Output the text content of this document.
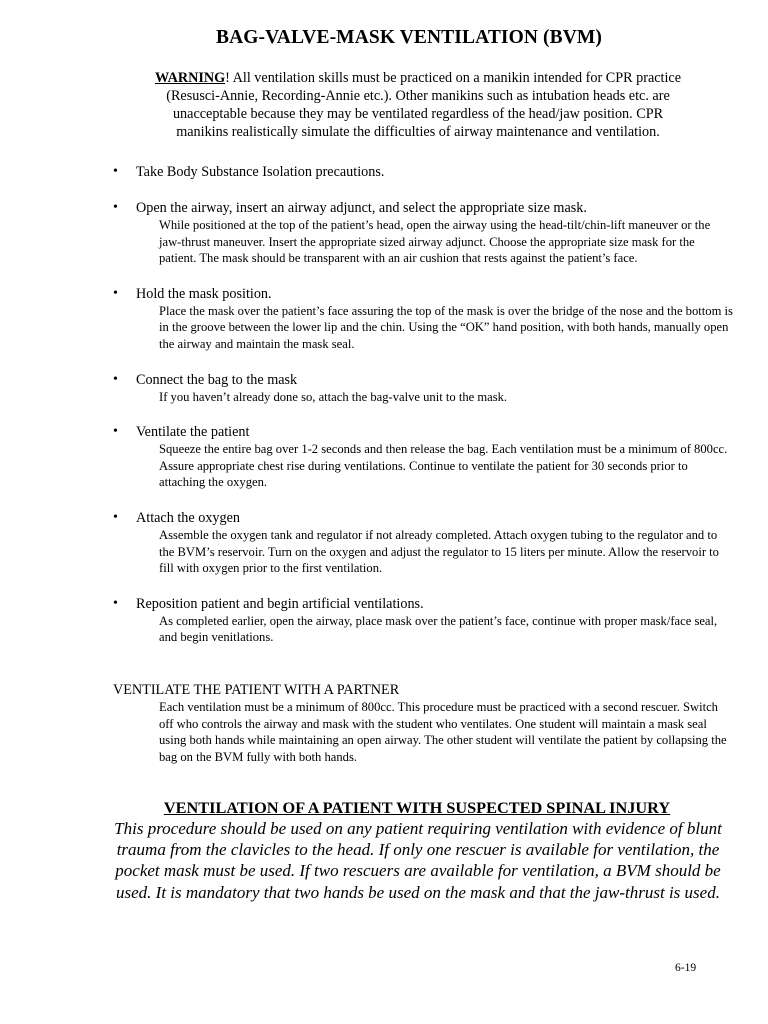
BAG-VALVE-MASK VENTILATION (BVM)
WARNING! All ventilation skills must be practiced on a manikin intended for CPR practice (Resusci-Annie, Recording-Annie etc.). Other manikins such as intubation heads etc. are unacceptable because they may be ventilated regardless of the head/jaw position. CPR manikins realistically simulate the difficulties of airway maintenance and ventilation.
• Take Body Substance Isolation precautions.
• Open the airway, insert an airway adjunct, and select the appropriate size mask.
While positioned at the top of the patient’s head, open the airway using the head-tilt/chin-lift maneuver or the jaw-thrust maneuver. Insert the appropriate sized airway adjunct. Choose the appropriate size mask for the patient. The mask should be transparent with an air cushion that rests against the patient’s face.
• Hold the mask position.
Place the mask over the patient’s face assuring the top of the mask is over the bridge of the nose and the bottom is in the groove between the lower lip and the chin. Using the “OK” hand position, with both hands, manually open the airway and maintain the mask seal.
• Connect the bag to the mask
If you haven’t already done so, attach the bag-valve unit to the mask.
• Ventilate the patient
Squeeze the entire bag over 1-2 seconds and then release the bag. Each ventilation must be a minimum of 800cc. Assure appropriate chest rise during ventilations. Continue to ventilate the patient for 30 seconds prior to attaching the oxygen.
• Attach the oxygen
Assemble the oxygen tank and regulator if not already completed. Attach oxygen tubing to the regulator and to the BVM’s reservoir. Turn on the oxygen and adjust the regulator to 15 liters per minute. Allow the reservoir to fill with oxygen prior to the first ventilation.
• Reposition patient and begin artificial ventilations.
As completed earlier, open the airway, place mask over the patient’s face, continue with proper mask/face seal, and begin venitlations.
VENTILATE THE PATIENT WITH A PARTNER
Each ventilation must be a minimum of 800cc. This procedure must be practiced with a second rescuer. Switch off who controls the airway and mask with the student who ventilates. One student will maintain a mask seal using both hands while maintaining an open airway. The other student will ventilate the patient by collapsing the bag on the BVM fully with both hands.
VENTILATION OF A PATIENT WITH SUSPECTED SPINAL INJURY
This procedure should be used on any patient requiring ventilation with evidence of blunt trauma from the clavicles to the head. If only one rescuer is available for ventilation, the pocket mask must be used. If two rescuers are available for ventilation, a BVM should be used. It is mandatory that two hands be used on the mask and that the jaw-thrust is used.
6-19
